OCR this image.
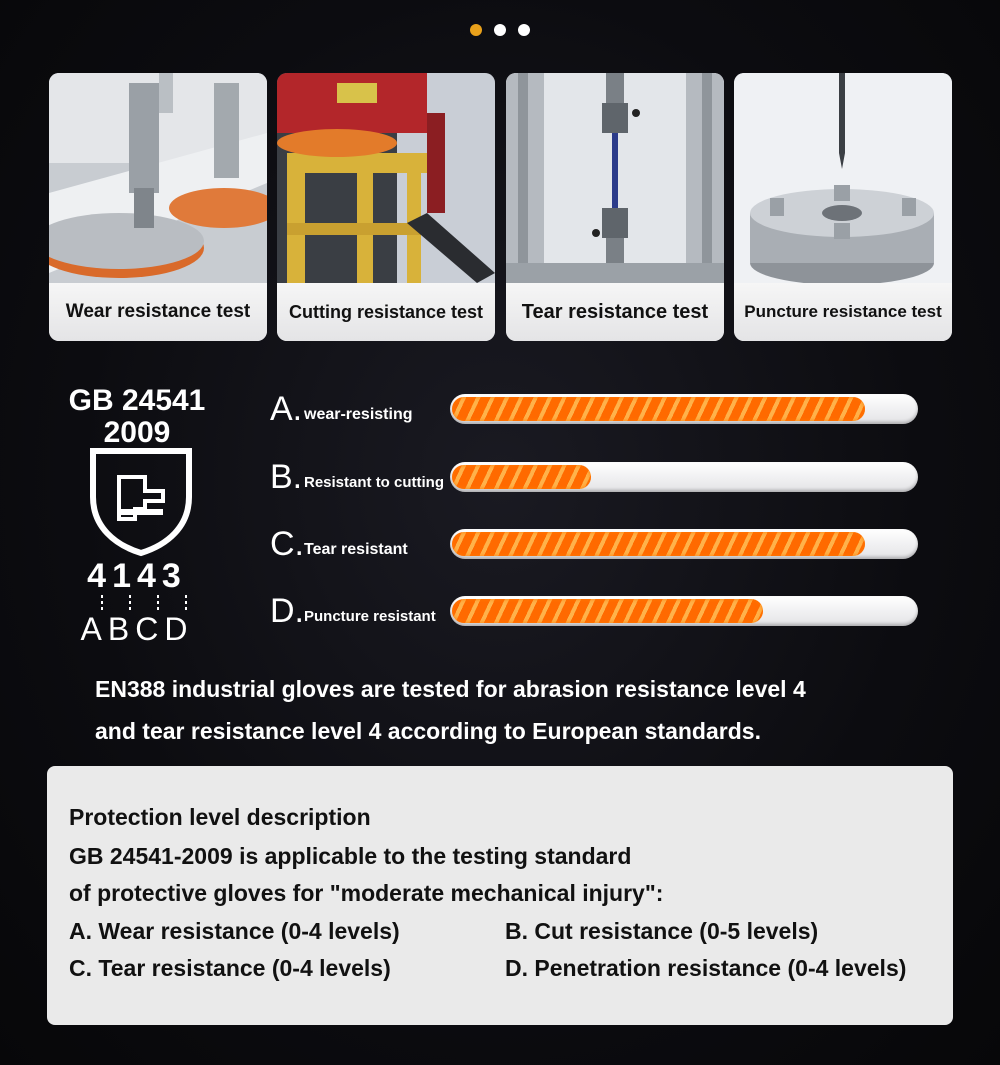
Wear resistance test	Cutting resistance test	Tear resistance test	Puncture resistance test
GB 24541
2009
4143
ABCD
A. wear-resisting
B. Resistant to cutting
C. Tear resistant
D. Puncture resistant
EN388 industrial gloves are tested for abrasion resistance level 4
and tear resistance level 4 according to European standards.
Protection level description
GB 24541-2009 is applicable to the testing standard
of protective gloves for "moderate mechanical injury":
A. Wear resistance (0-4 levels)	B. Cut resistance (0-5 levels)
C. Tear resistance (0-4 levels)	D. Penetration resistance (0-4 levels)
